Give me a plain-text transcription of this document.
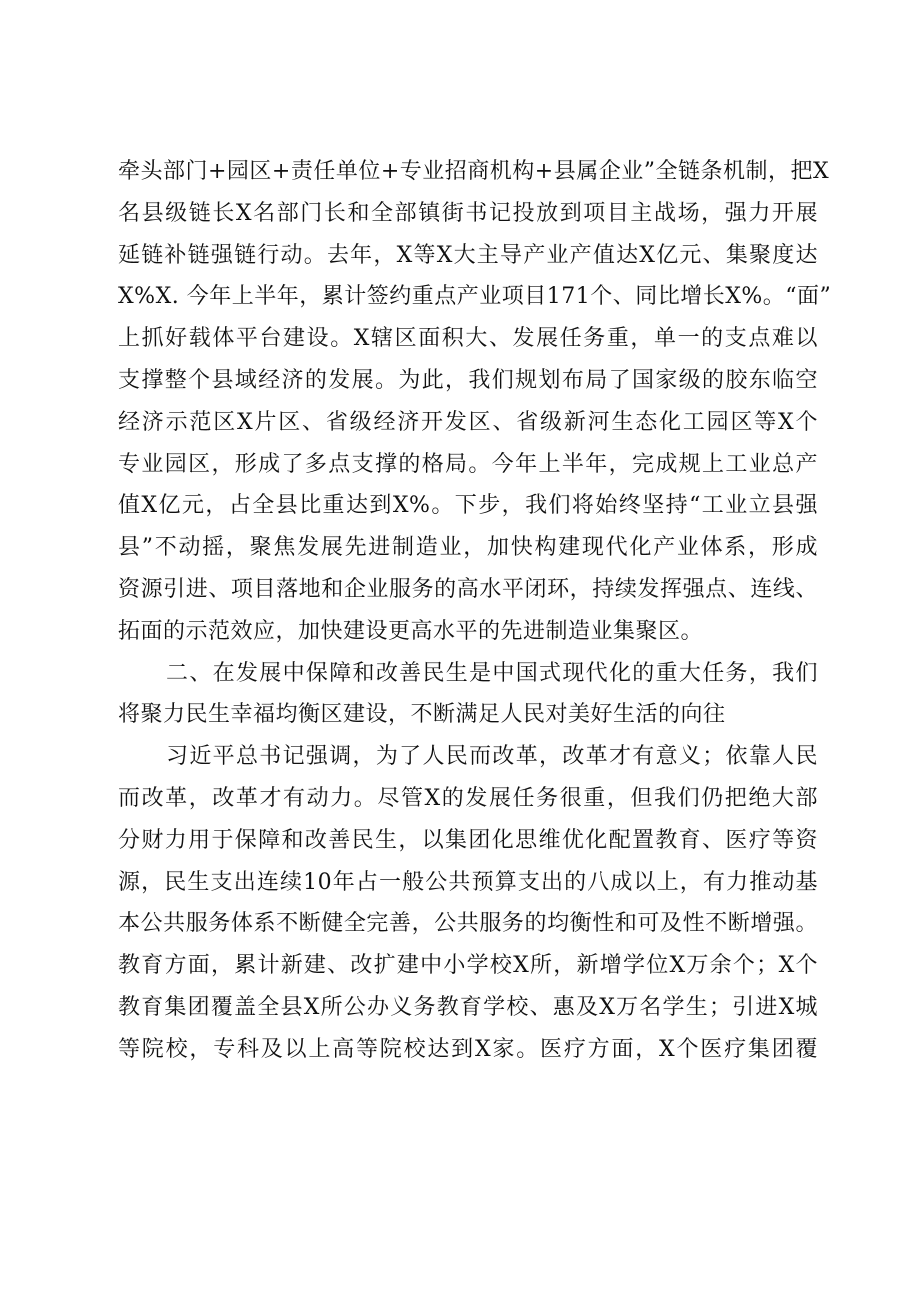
牵头部门+园区+责任单位+专业招商机构+县属企业”全链条机制，把X
名县级链长X名部门长和全部镇街书记投放到项目主战场，强力开展
延链补链强链行动。去年，X等X大主导产业产值达X亿元、集聚度达
X%X. 今年上半年，累计签约重点产业项目171个、同比增长X%。“面”
上抓好载体平台建设。X辖区面积大、发展任务重，单一的支点难以
支撑整个县域经济的发展。为此，我们规划布局了国家级的胶东临空
经济示范区X片区、省级经济开发区、省级新河生态化工园区等X个
专业园区，形成了多点支撑的格局。今年上半年，完成规上工业总产
值X亿元，占全县比重达到X%。下步，我们将始终坚持“工业立县强
县”不动摇，聚焦发展先进制造业，加快构建现代化产业体系，形成
资源引进、项目落地和企业服务的高水平闭环，持续发挥强点、连线、
拓面的示范效应，加快建设更高水平的先进制造业集聚区。
二、在发展中保障和改善民生是中国式现代化的重大任务，我们
将聚力民生幸福均衡区建设，不断满足人民对美好生活的向往
习近平总书记强调，为了人民而改革，改革才有意义；依靠人民
而改革，改革才有动力。尽管X的发展任务很重，但我们仍把绝大部
分财力用于保障和改善民生，以集团化思维优化配置教育、医疗等资
源，民生支出连续10年占一般公共预算支出的八成以上，有力推动基
本公共服务体系不断健全完善，公共服务的均衡性和可及性不断增强。
教育方面，累计新建、改扩建中小学校X所，新增学位X万余个；X个
教育集团覆盖全县X所公办义务教育学校、惠及X万名学生；引进X城
等院校，专科及以上高等院校达到X家。医疗方面，X个医疗集团覆
